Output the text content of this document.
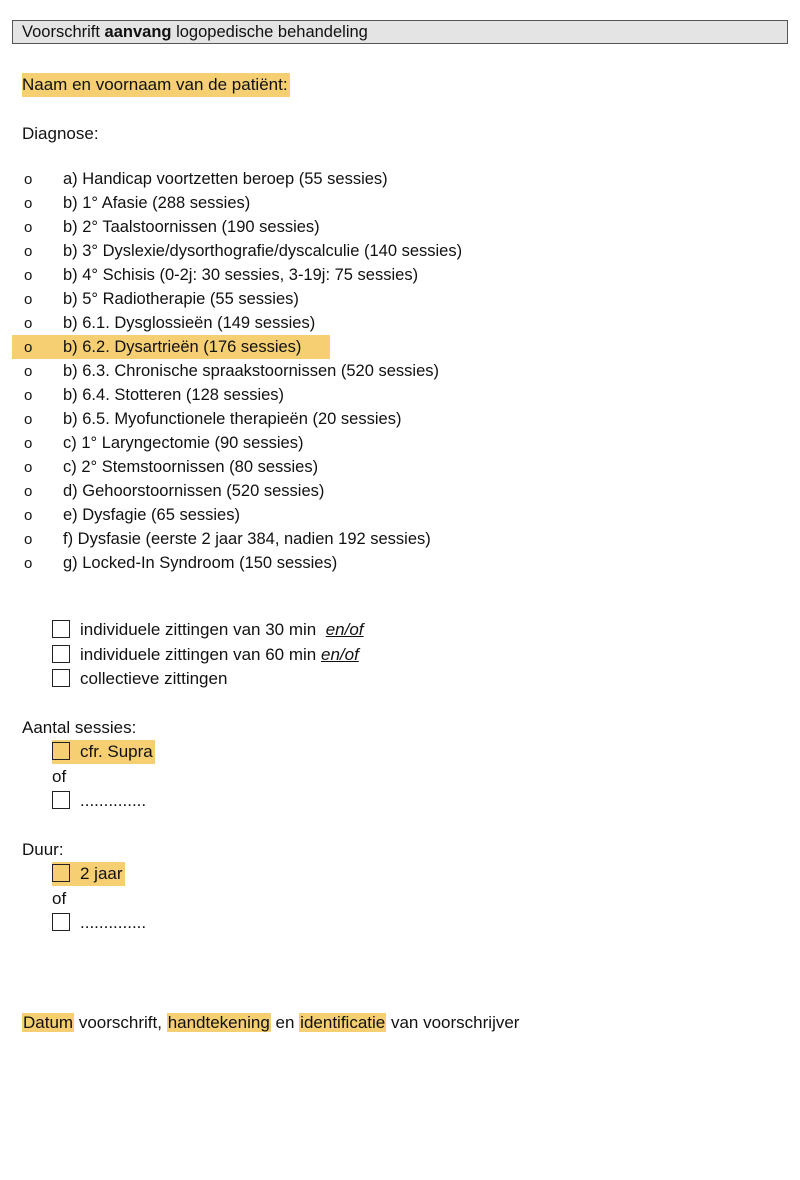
Voorschrift aanvang logopedische behandeling
Naam en voornaam van de patiënt:
Diagnose:
o a) Handicap voortzetten beroep (55 sessies)
o b) 1° Afasie (288 sessies)
o b) 2° Taalstoornissen (190 sessies)
o b) 3° Dyslexie/dysorthografie/dyscalculie (140 sessies)
o b) 4° Schisis (0-2j: 30 sessies, 3-19j: 75 sessies)
o b) 5° Radiotherapie (55 sessies)
o b) 6.1. Dysglossieën (149 sessies)
o b) 6.2. Dysartrieën (176 sessies)
o b) 6.3. Chronische spraakstoornissen (520 sessies)
o b) 6.4. Stotteren (128 sessies)
o b) 6.5. Myofunctionele therapieën (20 sessies)
o c) 1° Laryngectomie (90 sessies)
o c) 2° Stemstoornissen (80 sessies)
o d) Gehoorstoornissen (520 sessies)
o e) Dysfagie (65 sessies)
o f) Dysfasie (eerste 2 jaar 384, nadien 192 sessies)
o g) Locked-In Syndroom (150 sessies)
individuele zittingen van 30 min en/of
individuele zittingen van 60 min en/of
collectieve zittingen
Aantal sessies:
cfr. Supra
of
..............
Duur:
2 jaar
of
..............
Datum voorschrift, handtekening en identificatie van voorschrijver
